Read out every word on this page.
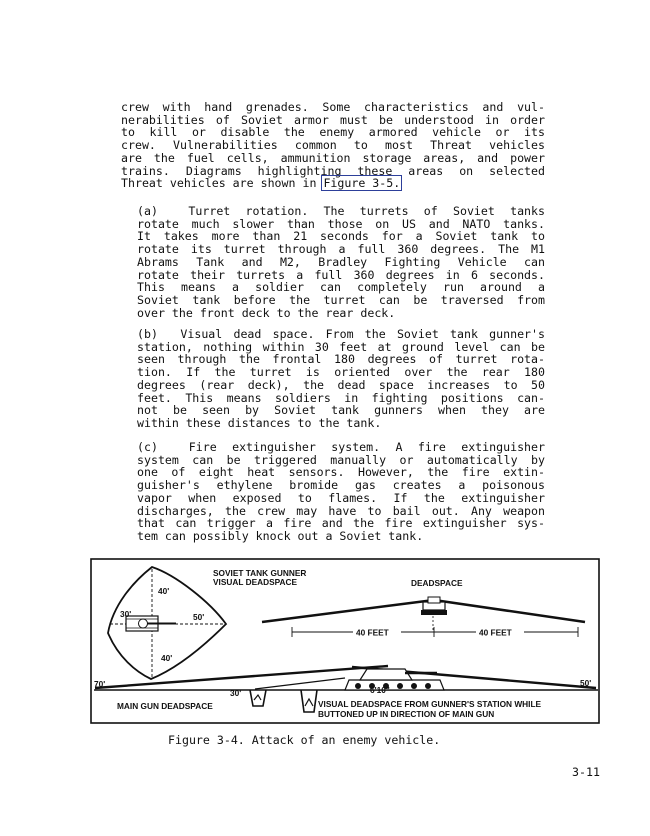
crew with hand grenades. Some characteristics and vul-
nerabilities of Soviet armor must be understood in order
to kill or disable the enemy armored vehicle or its
crew. Vulnerabilities common to most Threat vehicles
are the fuel cells, ammunition storage areas, and power
trains. Diagrams highlighting these areas on selected
Threat vehicles are shown in Figure 3-5.
(a)	Turret rotation. The turrets of Soviet tanks
rotate much slower than those on US and NATO tanks.
It takes more than 21 seconds for a Soviet tank to
rotate its turret through a full 360 degrees. The M1
Abrams Tank and M2, Bradley Fighting Vehicle can
rotate their turrets a full 360 degrees in 6 seconds.
This means a soldier can completely run around a
Soviet tank before the turret can be traversed from
over the front deck to the rear deck.
(b) Visual dead space. From the Soviet tank gunner's
station, nothing within 30 feet at ground level can be
seen through the frontal 180 degrees of turret rota-
tion. If the turret is oriented over the rear 180
degrees (rear deck), the dead space increases to 50
feet. This means soldiers in fighting positions can-
not be seen by Soviet tank gunners when they are
within these distances to the tank.
(c)	Fire extinguisher system. A fire extinguisher
system can be triggered manually or automatically by
one of eight heat sensors. However, the fire extin-
guisher's ethylene bromide gas creates a poisonous
vapor when exposed to flames. If the extinguisher
discharges, the crew may have to bail out. Any weapon
that can trigger a fire and the fire extinguisher sys-
tem can possibly knock out a Soviet tank.
SOVIET TANK GUNNER
VISUAL DEADSPACE
40'
30'	50'
40'
DEADSPACE
40 FEET	40 FEET
70'
30'
50'
6'10"
MAIN GUN DEADSPACE	VISUAL DEADSPACE FROM GUNNER'S STATION WHILE
BUTTONED UP IN DIRECTION OF MAIN GUN
Figure 3-4. Attack of an enemy vehicle.
3-11
